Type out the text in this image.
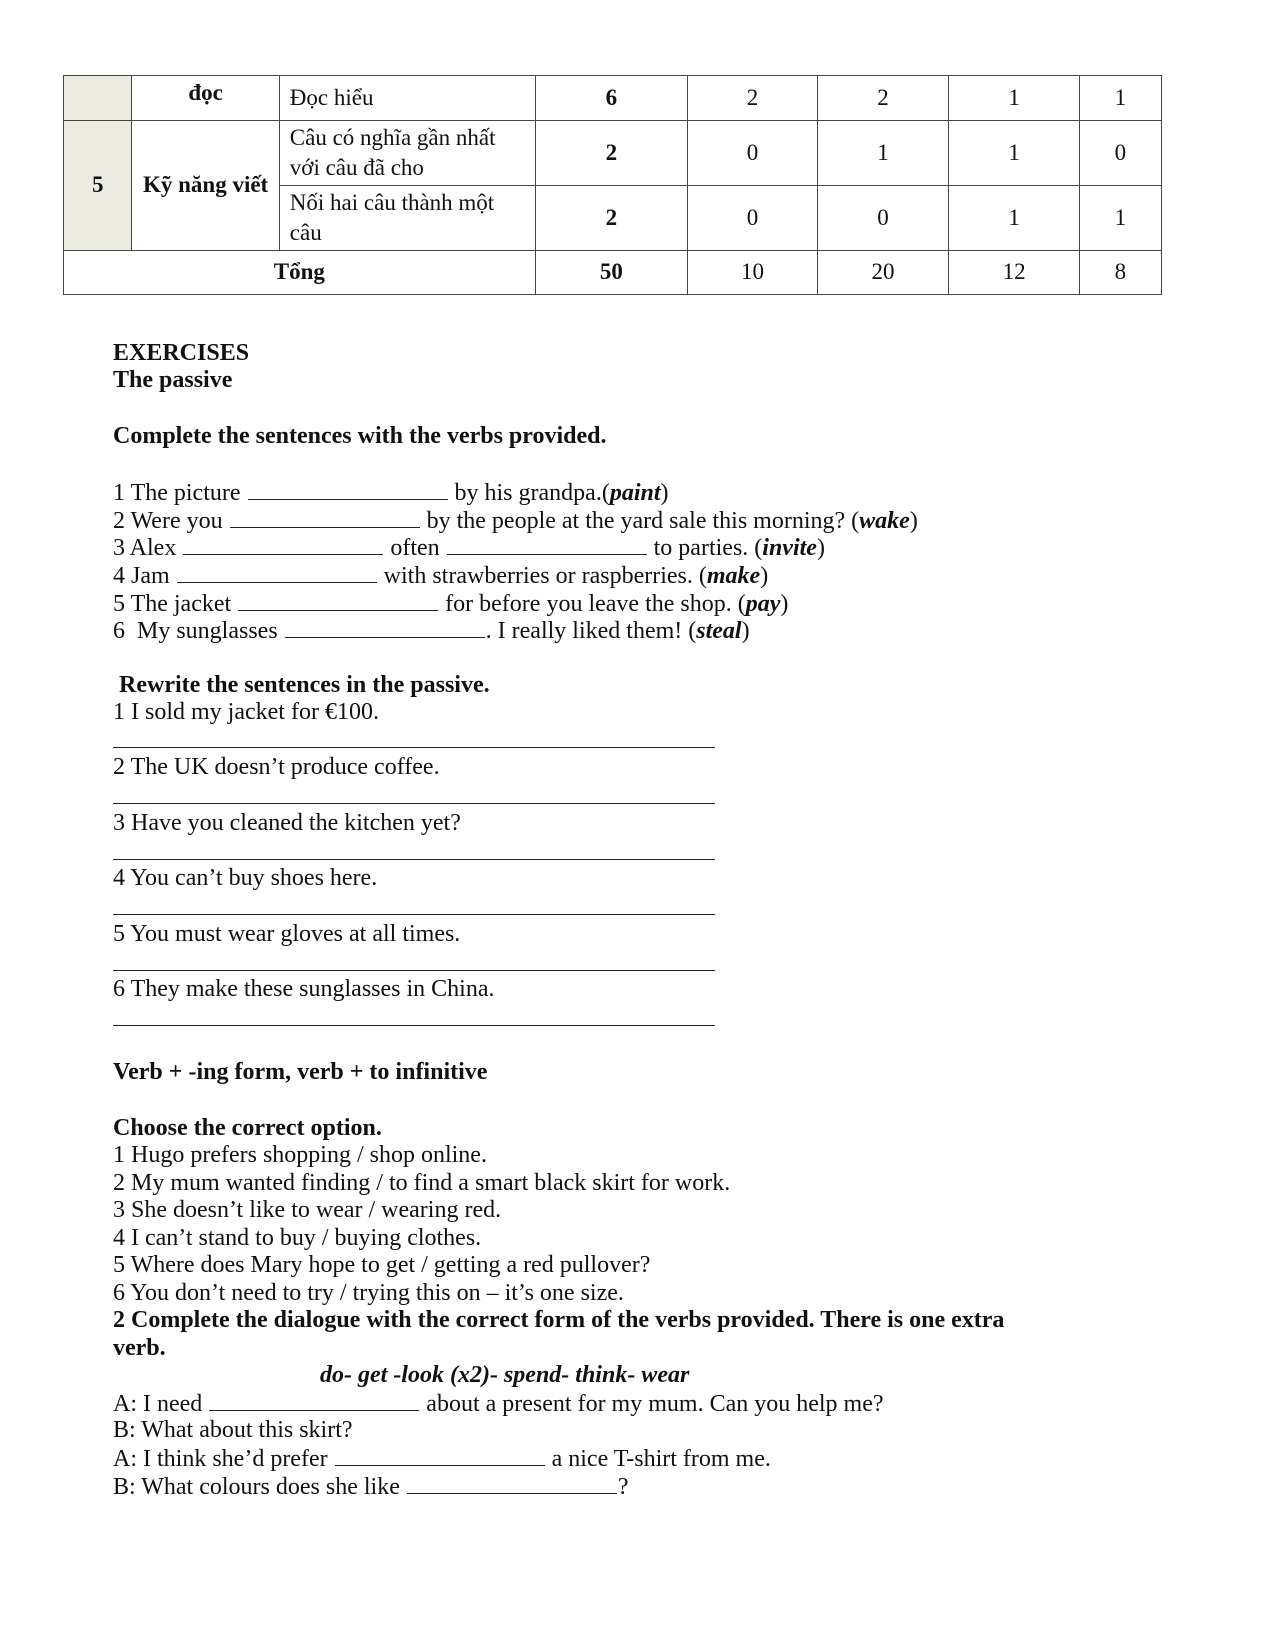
	đọc	Đọc hiểu	6	2	2	1	1
5	Kỹ năng viết	Câu có nghĩa gần nhất với câu đã cho	2	0	1	1	0
		Nối hai câu thành một câu	2	0	0	1	1
Tổng			50	10	20	12	8
EXERCISES
The passive
Complete the sentences with the verbs provided.
1 The picture	by his grandpa.(paint)
2 Were you	by the people at the yard sale this morning? (wake)
3 Alex	often	to parties. (invite)
4 Jam	with strawberries or raspberries. (make)
5 The jacket	for before you leave the shop. (pay)
6  My sunglasses	. I really liked them! (steal)
Rewrite the sentences in the passive.
1 I sold my jacket for €100.
2 The UK doesn’t produce coffee.
3 Have you cleaned the kitchen yet?
4 You can’t buy shoes here.
5 You must wear gloves at all times.
6 They make these sunglasses in China.
Verb + -ing form, verb + to infinitive
Choose the correct option.
1 Hugo prefers shopping / shop online.
2 My mum wanted finding / to find a smart black skirt for work.
3 She doesn’t like to wear / wearing red.
4 I can’t stand to buy / buying clothes.
5 Where does Mary hope to get / getting a red pullover?
6 You don’t need to try / trying this on – it’s one size.
2 Complete the dialogue with the correct form of the verbs provided. There is one extra
verb.
do- get -look (x2)- spend- think- wear
A: I need	about a present for my mum. Can you help me?
B: What about this skirt?
A: I think she’d prefer	a nice T-shirt from me.
B: What colours does she like	?
